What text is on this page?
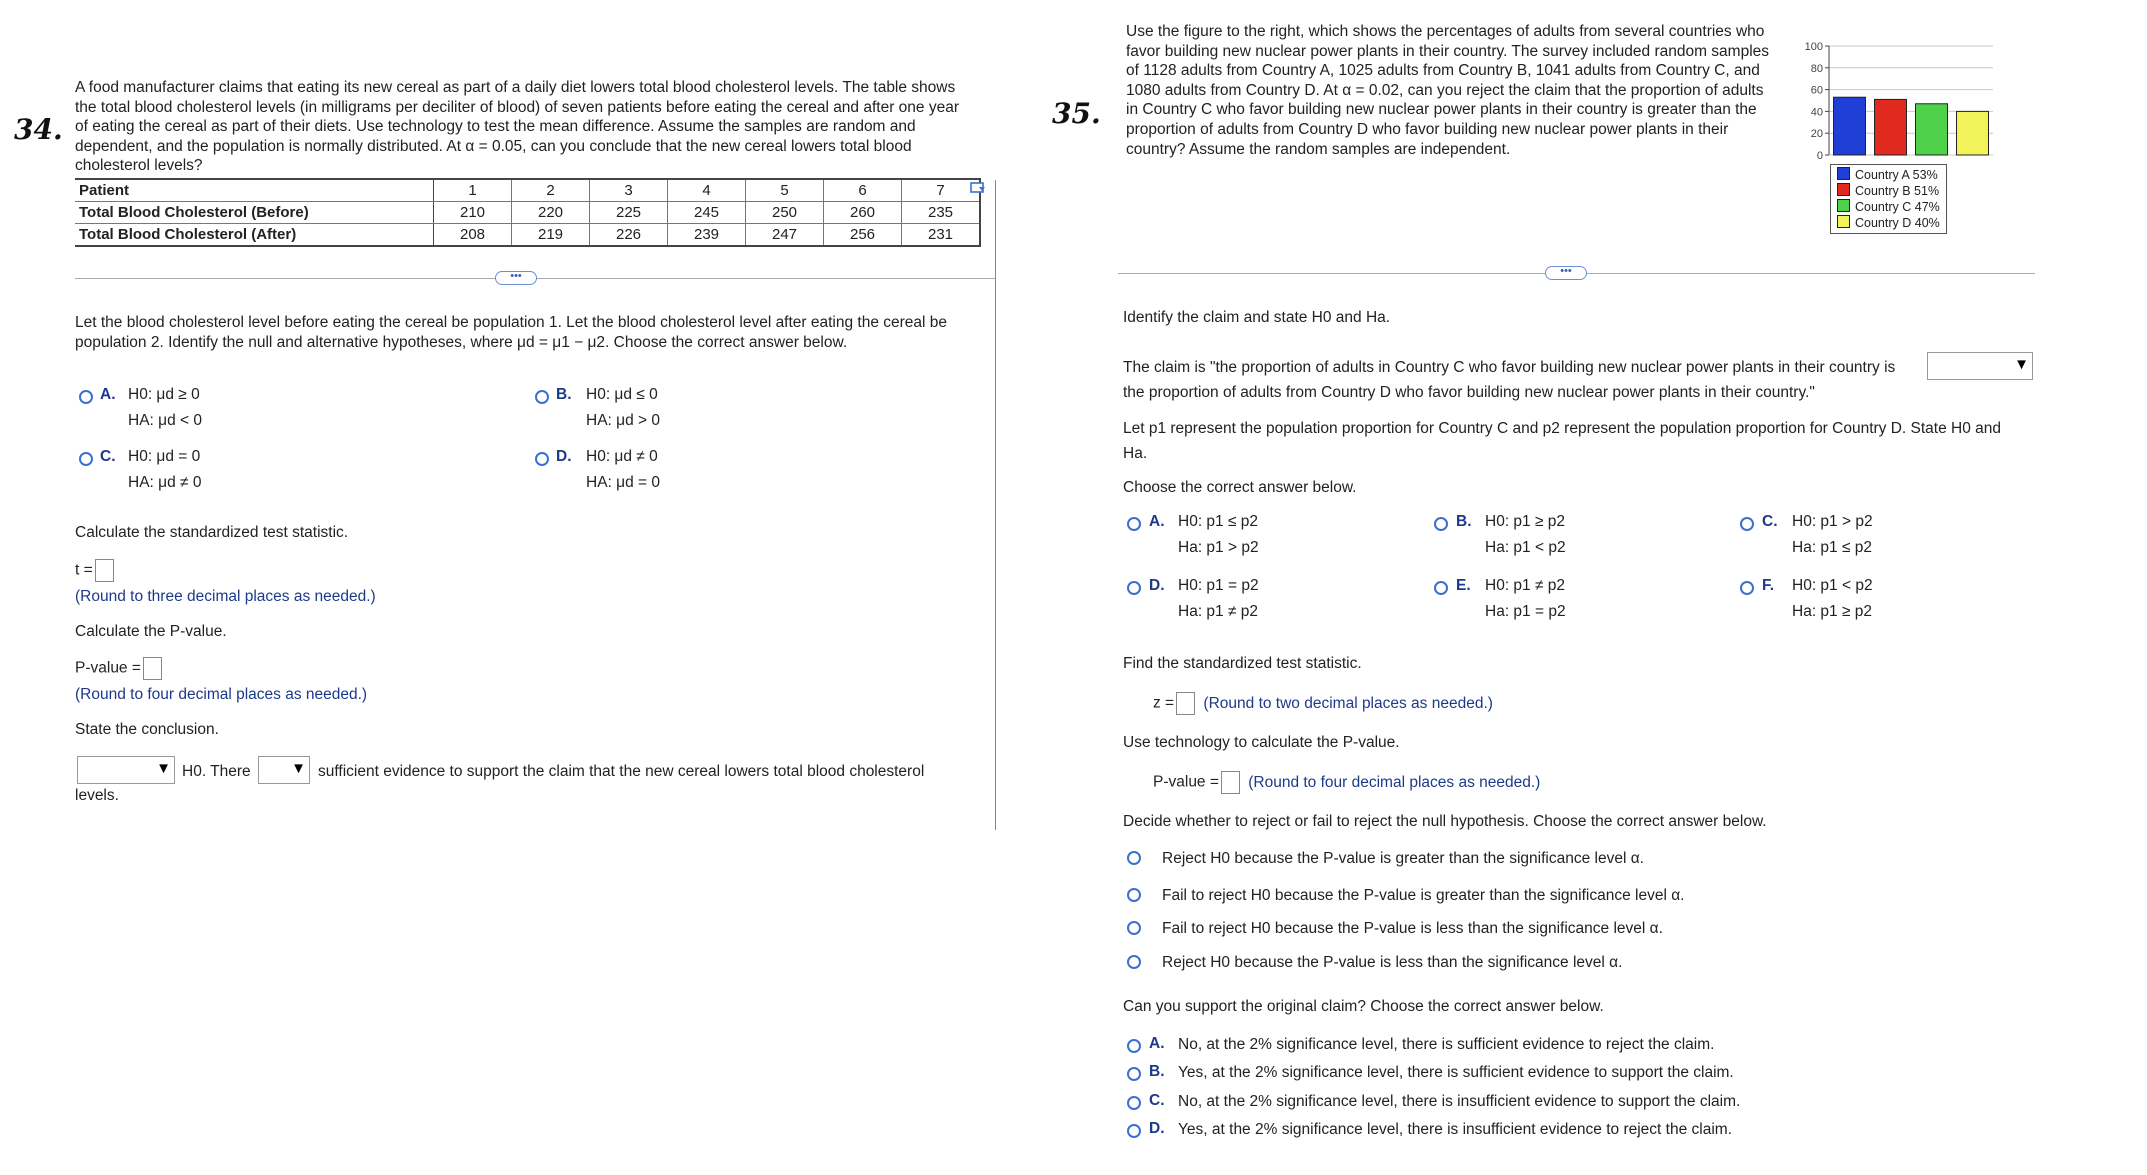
34.
A food manufacturer claims that eating its new cereal as part of a daily diet lowers total blood cholesterol levels. The table shows
the total blood cholesterol levels (in milligrams per deciliter of blood) of seven patients before eating the cereal and after one year
of eating the cereal as part of their diets. Use technology to test the mean difference. Assume the samples are random and
dependent, and the population is normally distributed. At α = 0.05, can you conclude that the new cereal lowers total blood
cholesterol levels?
Patient	1	2	3	4	5	6	7
Total Blood Cholesterol (Before)	210	220	225	245	250	260	235
Total Blood Cholesterol (After)	208	219	226	239	247	256	231
•••
Let the blood cholesterol level before eating the cereal be population 1. Let the blood cholesterol level after eating the cereal be
population 2. Identify the null and alternative hypotheses, where μd = μ1 − μ2. Choose the correct answer below.
A. H0: μd ≥ 0
HA: μd < 0
B. H0: μd ≤ 0
HA: μd > 0
C. H0: μd = 0
HA: μd ≠ 0
D. H0: μd ≠ 0
HA: μd = 0
Calculate the standardized test statistic.
t =
(Round to three decimal places as needed.)
Calculate the P-value.
P-value =
(Round to four decimal places as needed.)
State the conclusion.
▼ H0. There	▼ sufficient evidence to support the claim that the new cereal lowers total blood cholesterol
levels.
35.
Use the figure to the right, which shows the percentages of adults from several countries who
favor building new nuclear power plants in their country. The survey included random samples
of 1128 adults from Country A, 1025 adults from Country B, 1041 adults from Country C, and
1080 adults from Country D. At α = 0.02, can you reject the claim that the proportion of adults
in Country C who favor building new nuclear power plants in their country is greater than the
proportion of adults from Country D who favor building new nuclear power plants in their
country? Assume the random samples are independent.
100
80
60
40
20
0
Country A 53%
Country B 51%
Country C 47%
Country D 40%
•••
Identify the claim and state H0 and Ha.
The claim is "the proportion of adults in Country C who favor building new nuclear power plants in their country is	▼
the proportion of adults from Country D who favor building new nuclear power plants in their country."
Let p1 represent the population proportion for Country C and p2 represent the population proportion for Country D. State H0 and
Ha.
Choose the correct answer below.
A. H0: p1 ≤ p2
Ha: p1 > p2
B. H0: p1 ≥ p2
Ha: p1 < p2
C. H0: p1 > p2
Ha: p1 ≤ p2
D. H0: p1 = p2
Ha: p1 ≠ p2
E. H0: p1 ≠ p2
Ha: p1 = p2
F. H0: p1 < p2
Ha: p1 ≥ p2
Find the standardized test statistic.
z = (Round to two decimal places as needed.)
Use technology to calculate the P-value.
P-value = (Round to four decimal places as needed.)
Decide whether to reject or fail to reject the null hypothesis. Choose the correct answer below.
Reject H0 because the P-value is greater than the significance level α.
Fail to reject H0 because the P-value is greater than the significance level α.
Fail to reject H0 because the P-value is less than the significance level α.
Reject H0 because the P-value is less than the significance level α.
Can you support the original claim? Choose the correct answer below.
A. No, at the 2% significance level, there is sufficient evidence to reject the claim.
B. Yes, at the 2% significance level, there is sufficient evidence to support the claim.
C. No, at the 2% significance level, there is insufficient evidence to support the claim.
D. Yes, at the 2% significance level, there is insufficient evidence to reject the claim.
